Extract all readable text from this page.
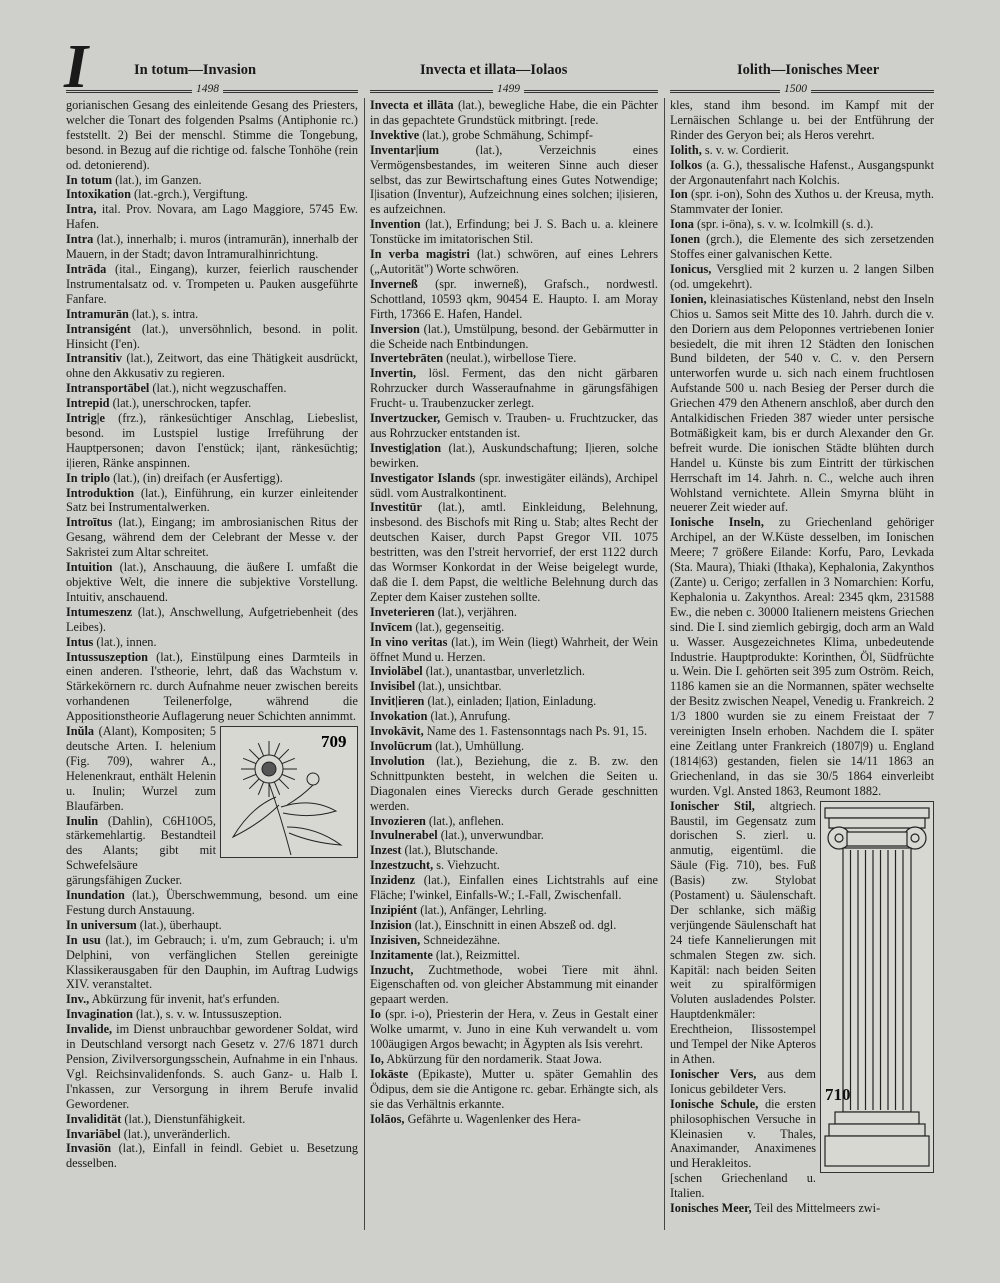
I	In totum—Invasion	Invecta et illata—Iolaos	Iolith—Ionisches Meer
1498	1499	1500

gorianischen Gesang des einleitende Gesang des Priesters, welcher die Tonart des folgenden Psalms (Antiphonie rc.) feststellt. 2) Bei der menschl. Stimme die Tongebung, besond. in Bezug auf die richtige od. falsche Tonhöhe (rein od. detonierend).

In totum (lat.), im Ganzen.

Intoxikation (lat.-grch.), Vergiftung.

Intra, ital. Prov. Novara, am Lago Maggiore, 5745 Ew. Hafen.

Intra (lat.), innerhalb; i. muros (intramurān), innerhalb der Mauern, in der Stadt; davon Intramuralhinrichtung.

Intrāda (ital., Eingang), kurzer, feierlich rauschender Instrumentalsatz od. v. Trompeten u. Pauken ausgeführte Fanfare.

Intramurān (lat.), s. intra.

Intransigént (lat.), unversöhnlich, besond. in polit. Hinsicht (I'en).

Intransitiv (lat.), Zeitwort, das eine Thätigkeit ausdrückt, ohne den Akkusativ zu regieren.

Intransportābel (lat.), nicht wegzuschaffen.

Intrepid (lat.), unerschrocken, tapfer.

Intrig|e (frz.), ränkesüchtiger Anschlag, Liebeslist, besond. im Lustspiel lustige Irreführung der Hauptpersonen; davon I'enstück; i|ant, ränkesüchtig; i|ieren, Ränke anspinnen.

In triplo (lat.), (in) dreifach (er Ausfertigg).

Introduktion (lat.), Einführung, ein kurzer einleitender Satz bei Instrumentalwerken.

Introītus (lat.), Eingang; im ambrosianischen Ritus der Gesang, während dem der Celebrant der Messe v. der Sakristei zum Altar schreitet.

Intuition (lat.), Anschauung, die äußere I. umfaßt die objektive Welt, die innere die subjektive Vorstellung. Intuitiv, anschauend.

Intumeszenz (lat.), Anschwellung, Aufgetriebenheit (des Leibes).

Intus (lat.), innen.

Intussuszeption (lat.), Einstülpung eines Darmteils in einen anderen. I'stheorie, lehrt, daß das Wachstum v. Stärkekörnern rc. durch Aufnahme neuer zwischen bereits vorhandenen Teilenerfolge, während die Appositionstheorie Auflagerung neuer Schichten annimmt.

709

Inŭla (Alant), Kompositen; 5 deutsche Arten. I. helenium (Fig. 709), wahrer A., Helenenkraut, enthält Helenin u. Inulin; Wurzel zum Blaufärben.

Inulin (Dahlin), C6H10O5, stärkemehlartig. Bestandteil des Alants; gibt mit Schwefelsäure gärungsfähigen Zucker.

Inundation (lat.), Überschwemmung, besond. um eine Festung durch Anstauung.

In universum (lat.), überhaupt.

In usu (lat.), im Gebrauch; i. u'm, zum Gebrauch; i. u'm Delphini, von verfänglichen Stellen gereinigte Klassikerausgaben für den Dauphin, im Auftrag Ludwigs XIV. veranstaltet.

Inv., Abkürzung für invenit, hat's erfunden.

Invagination (lat.), s. v. w. Intussuszeption.

Invalide, im Dienst unbrauchbar gewordener Soldat, wird in Deutschland versorgt nach Gesetz v. 27/6 1871 durch Pension, Zivilversorgungsschein, Aufnahme in ein I'nhaus. Vgl. Reichsinvalidenfonds. S. auch Ganz- u. Halb I. I'nkassen, zur Versorgung in ihrem Berufe invalid Gewordener.

Invalidität (lat.), Dienstunfähigkeit.

Invariābel (lat.), unveränderlich.

Invasiōn (lat.), Einfall in feindl. Gebiet u. Besetzung desselben.

Invecta et illāta (lat.), bewegliche Habe, die ein Pächter in das gepachtete Grundstück mitbringt. [rede.

Invektive (lat.), grobe Schmähung, Schimpf-

Inventar|ium (lat.), Verzeichnis eines Vermögensbestandes, im weiteren Sinne auch dieser selbst, das zur Bewirtschaftung eines Gutes Notwendige; I|isation (Inventur), Aufzeichnung eines solchen; i|isieren, es aufzeichnen.

Invention (lat.), Erfindung; bei J. S. Bach u. a. kleinere Tonstücke im imitatorischen Stil.

In verba magistri (lat.) schwören, auf eines Lehrers („Autorität") Worte schwören.

Inverneß (spr. inwerneß), Grafsch., nordwestl. Schottland, 10593 qkm, 90454 E. Haupto. I. am Moray Firth, 17366 E. Hafen, Handel.

Inversion (lat.), Umstülpung, besond. der Gebärmutter in die Scheide nach Entbindungen.

Invertebrāten (neulat.), wirbellose Tiere.

Invertin, lösl. Ferment, das den nicht gärbaren Rohrzucker durch Wasseraufnahme in gärungsfähigen Frucht- u. Traubenzucker zerlegt.

Invertzucker, Gemisch v. Trauben- u. Fruchtzucker, das aus Rohrzucker entstanden ist.

Investig|ation (lat.), Auskundschaftung; I|ieren, solche bewirken.

Investigator Islands (spr. inwestigäter eiländs), Archipel südl. vom Australkontinent.

Investitūr (lat.), amtl. Einkleidung, Belehnung, insbesond. des Bischofs mit Ring u. Stab; altes Recht der deutschen Kaiser, durch Papst Gregor VII. 1075 bestritten, was den I'streit hervorrief, der erst 1122 durch das Wormser Konkordat in der Weise beigelegt wurde, daß die I. dem Papst, die weltliche Belehnung durch das Zepter dem Kaiser zustehen sollte.

Inveterieren (lat.), verjähren.

Invīcem (lat.), gegenseitig.

In vino veritas (lat.), im Wein (liegt) Wahrheit, der Wein öffnet Mund u. Herzen.

Inviolābel (lat.), unantastbar, unverletzlich.

Invisibel (lat.), unsichtbar.

Invit|ieren (lat.), einladen; I|ation, Einladung.

Invokation (lat.), Anrufung.

Invokāvit, Name des 1. Fastensonntags nach Ps. 91, 15.

Involūcrum (lat.), Umhüllung.

Involution (lat.), Beziehung, die z. B. zw. den Schnittpunkten besteht, in welchen die Seiten u. Diagonalen eines Vierecks durch Gerade geschnitten werden.

Invozieren (lat.), anflehen.

Invulnerabel (lat.), unverwundbar.

Inzest (lat.), Blutschande.

Inzestzucht, s. Viehzucht.

Inzidenz (lat.), Einfallen eines Lichtstrahls auf eine Fläche; I'winkel, Einfalls-W.; I.-Fall, Zwischenfall.

Inzipiént (lat.), Anfänger, Lehrling.

Inzision (lat.), Einschnitt in einen Abszeß od. dgl.

Inzisiven, Schneidezähne.

Inzitamente (lat.), Reizmittel.

Inzucht, Zuchtmethode, wobei Tiere mit ähnl. Eigenschaften od. von gleicher Abstammung mit einander gepaart werden.

Io (spr. i-o), Priesterin der Hera, v. Zeus in Gestalt einer Wolke umarmt, v. Juno in eine Kuh verwandelt u. vom 100äugigen Argos bewacht; in Ägypten als Isis verehrt.

Io, Abkürzung für den nordamerik. Staat Jowa.

Iokāste (Epikaste), Mutter u. später Gemahlin des Ödipus, dem sie die Antigone rc. gebar. Erhängte sich, als sie das Verhältnis erkannte.

Iolāos, Gefährte u. Wagenlenker des Hera-

kles, stand ihm besond. im Kampf mit der Lernäischen Schlange u. bei der Entführung der Rinder des Geryon bei; als Heros verehrt.

Iolith, s. v. w. Cordierit.

Iolkos (a. G.), thessalische Hafenst., Ausgangspunkt der Argonautenfahrt nach Kolchis.

Ion (spr. i-on), Sohn des Xuthos u. der Kreusa, myth. Stammvater der Ionier.

Iona (spr. i-öna), s. v. w. Icolmkill (s. d.).

Ionen (grch.), die Elemente des sich zersetzenden Stoffes einer galvanischen Kette.

Ionicus, Versglied mit 2 kurzen u. 2 langen Silben (od. umgekehrt).

Ionien, kleinasiatisches Küstenland, nebst den Inseln Chios u. Samos seit Mitte des 10. Jahrh. durch die v. den Doriern aus dem Peloponnes vertriebenen Ionier besiedelt, die mit ihren 12 Städten den Ionischen Bund bildeten, der 540 v. C. v. den Persern unterworfen wurde u. sich nach einem fruchtlosen Aufstande 500 u. nach Besieg der Perser durch die Griechen 479 den Athenern anschloß, aber durch den Antalkidischen Frieden 387 wieder unter persische Botmäßigkeit kam, bis er durch Alexander den Gr. befreit wurde. Die ionischen Städte blühten durch Handel u. Künste bis zum Eintritt der türkischen Herrschaft im 14. Jahrh. n. C., welche auch ihren Wohlstand vernichtete. Allein Smyrna blüht in neuerer Zeit wieder auf.

Ionische Inseln, zu Griechenland gehöriger Archipel, an der W.Küste desselben, im Ionischen Meere; 7 größere Eilande: Korfu, Paro, Levkada (Sta. Maura), Thiaki (Ithaka), Kephalonia, Zakynthos (Zante) u. Cerigo; zerfallen in 3 Nomarchien: Korfu, Kephalonia u. Zakynthos. Areal: 2345 qkm, 231588 Ew., die neben c. 30000 Italienern meistens Griechen sind. Die I. sind ziemlich gebirgig, doch arm an Wald u. Wasser. Ausgezeichnetes Klima, unbedeutende Industrie. Hauptprodukte: Korinthen, Öl, Südfrüchte u. Wein. Die I. gehörten seit 395 zum Oström. Reich, 1186 kamen sie an die Normannen, später wechselte der Besitz zwischen Neapel, Venedig u. Frankreich. 2 1/3 1800 wurden sie zu einem Freistaat der 7 vereinigten Inseln erhoben. Nachdem die I. später eine Zeitlang unter Frankreich (1807|9) u. England (1814|63) gestanden, fielen sie 14/11 1863 an Griechenland, in das sie 30/5 1864 einverleibt wurden. Vgl. Ansted 1863, Reumont 1882.

710

Ionischer Stil, altgriech. Baustil, im Gegensatz zum dorischen S. zierl. u. anmutig, eigentüml. die Säule (Fig. 710), bes. Fuß (Basis) zw. Stylobat (Postament) u. Säulenschaft. Der schlanke, sich mäßig verjüngende Säulenschaft hat 24 tiefe Kannelierungen mit schmalen Stegen zw. sich. Kapitäl: nach beiden Seiten weit zu spiralförmigen Voluten ausladendes Polster. Hauptdenkmäler: Erechtheion, Ilissostempel und Tempel der Nike Apteros in Athen.

Ionischer Vers, aus dem Ionicus gebildeter Vers.

Ionische Schule, die ersten philosophischen Versuche in Kleinasien v. Thales, Anaximander, Anaximenes und Herakleitos.

[schen Griechenland u. Italien.

Ionisches Meer, Teil des Mittelmeers zwi-
